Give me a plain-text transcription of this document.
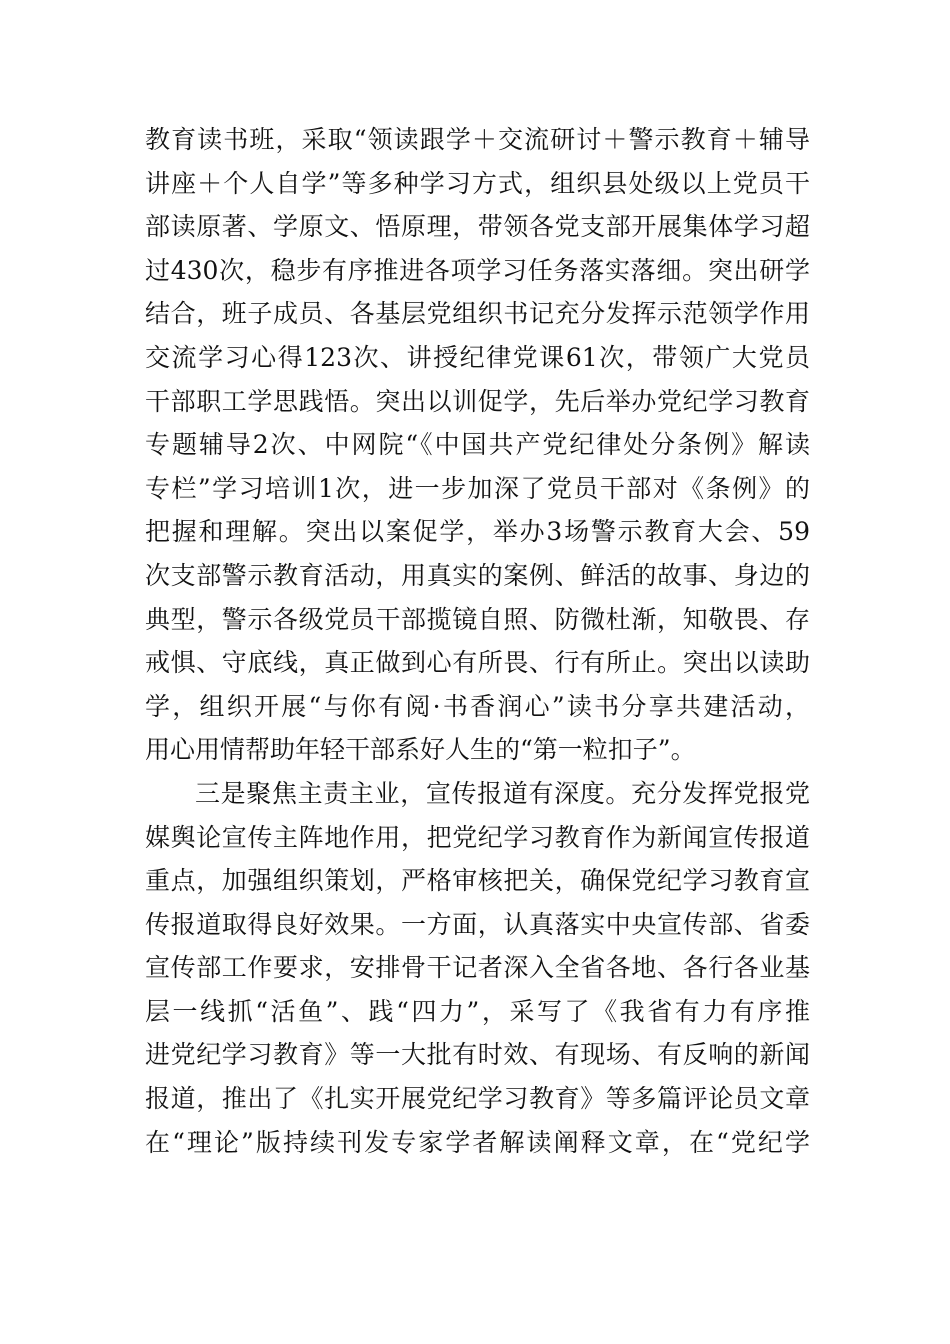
教育读书班，采取“领读跟学＋交流研讨＋警示教育＋辅导
讲座＋个人自学”等多种学习方式，组织县处级以上党员干
部读原著、学原文、悟原理，带领各党支部开展集体学习超
过430次，稳步有序推进各项学习任务落实落细。突出研学
结合，班子成员、各基层党组织书记充分发挥示范领学作用
交流学习心得123次、讲授纪律党课61次，带领广大党员
干部职工学思践悟。突出以训促学，先后举办党纪学习教育
专题辅导2次、中网院“《中国共产党纪律处分条例》解读
专栏”学习培训1次，进一步加深了党员干部对《条例》的
把握和理解。突出以案促学，举办3场警示教育大会、59
次支部警示教育活动，用真实的案例、鲜活的故事、身边的
典型，警示各级党员干部揽镜自照、防微杜渐，知敬畏、存
戒惧、守底线，真正做到心有所畏、行有所止。突出以读助
学，组织开展“与你有阅·书香润心”读书分享共建活动，
用心用情帮助年轻干部系好人生的“第一粒扣子”。
三是聚焦主责主业，宣传报道有深度。充分发挥党报党
媒舆论宣传主阵地作用，把党纪学习教育作为新闻宣传报道
重点，加强组织策划，严格审核把关，确保党纪学习教育宣
传报道取得良好效果。一方面，认真落实中央宣传部、省委
宣传部工作要求，安排骨干记者深入全省各地、各行各业基
层一线抓“活鱼”、践“四力”，采写了《我省有力有序推
进党纪学习教育》等一大批有时效、有现场、有反响的新闻
报道，推出了《扎实开展党纪学习教育》等多篇评论员文章
在“理论”版持续刊发专家学者解读阐释文章，在“党纪学
